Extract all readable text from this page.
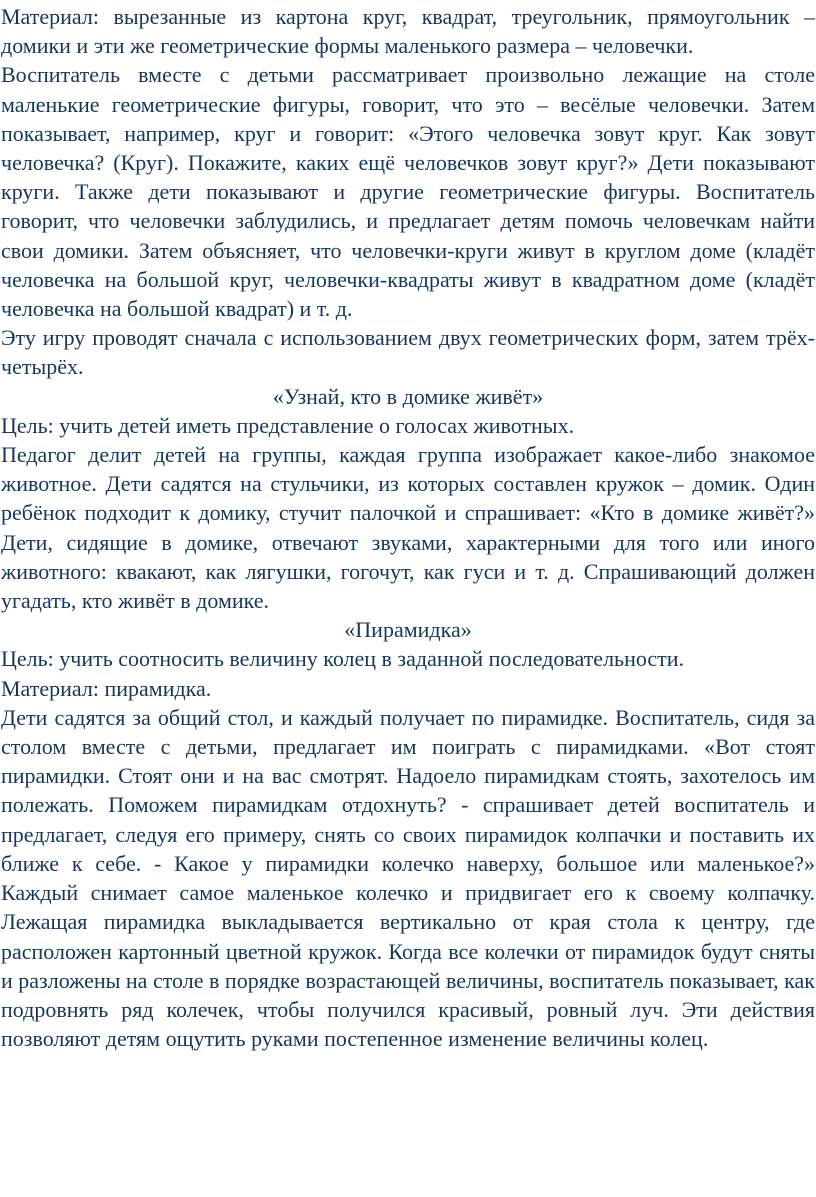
Материал: вырезанные из картона круг, квадрат, треугольник, прямоугольник – домики и эти же геометрические формы маленького размера – человечки.

Воспитатель вместе с детьми рассматривает произвольно лежащие на столе маленькие геометрические фигуры, говорит, что это – весёлые человечки. Затем показывает, например, круг и говорит: «Этого человечка зовут круг. Как зовут человечка? (Круг). Покажите, каких ещё человечков зовут круг?» Дети показывают круги. Также дети показывают и другие геометрические фигуры. Воспитатель говорит, что человечки заблудились, и предлагает детям помочь человечкам найти свои домики. Затем объясняет, что человечки-круги живут в круглом доме (кладёт человечка на большой круг, человечки-квадраты живут в квадратном доме (кладёт человечка на большой квадрат) и т. д.

Эту игру проводят сначала с использованием двух геометрических форм, затем трёх-четырёх.

«Узнай, кто в домике живёт»

Цель: учить детей иметь представление о голосах животных.

Педагог делит детей на группы, каждая группа изображает какое-либо знакомое животное. Дети садятся на стульчики, из которых составлен кружок – домик. Один ребёнок подходит к домику, стучит палочкой и спрашивает: «Кто в домике живёт?» Дети, сидящие в домике, отвечают звуками, характерными для того или иного животного: квакают, как лягушки, гогочут, как гуси и т. д. Спрашивающий должен угадать, кто живёт в домике.

«Пирамидка»

Цель: учить соотносить величину колец в заданной последовательности.

Материал: пирамидка.

Дети садятся за общий стол, и каждый получает по пирамидке. Воспитатель, сидя за столом вместе с детьми, предлагает им поиграть с пирамидками. «Вот стоят пирамидки. Стоят они и на вас смотрят. Надоело пирамидкам стоять, захотелось им полежать. Поможем пирамидкам отдохнуть? - спрашивает детей воспитатель и предлагает, следуя его примеру, снять со своих пирамидок колпачки и поставить их ближе к себе. - Какое у пирамидки колечко наверху, большое или маленькое?» Каждый снимает самое маленькое колечко и придвигает его к своему колпачку. Лежащая пирамидка выкладывается вертикально от края стола к центру, где расположен картонный цветной кружок. Когда все колечки от пирамидок будут сняты и разложены на столе в порядке возрастающей величины, воспитатель показывает, как подровнять ряд колечек, чтобы получился красивый, ровный луч. Эти действия позволяют детям ощутить руками постепенное изменение величины колец.
